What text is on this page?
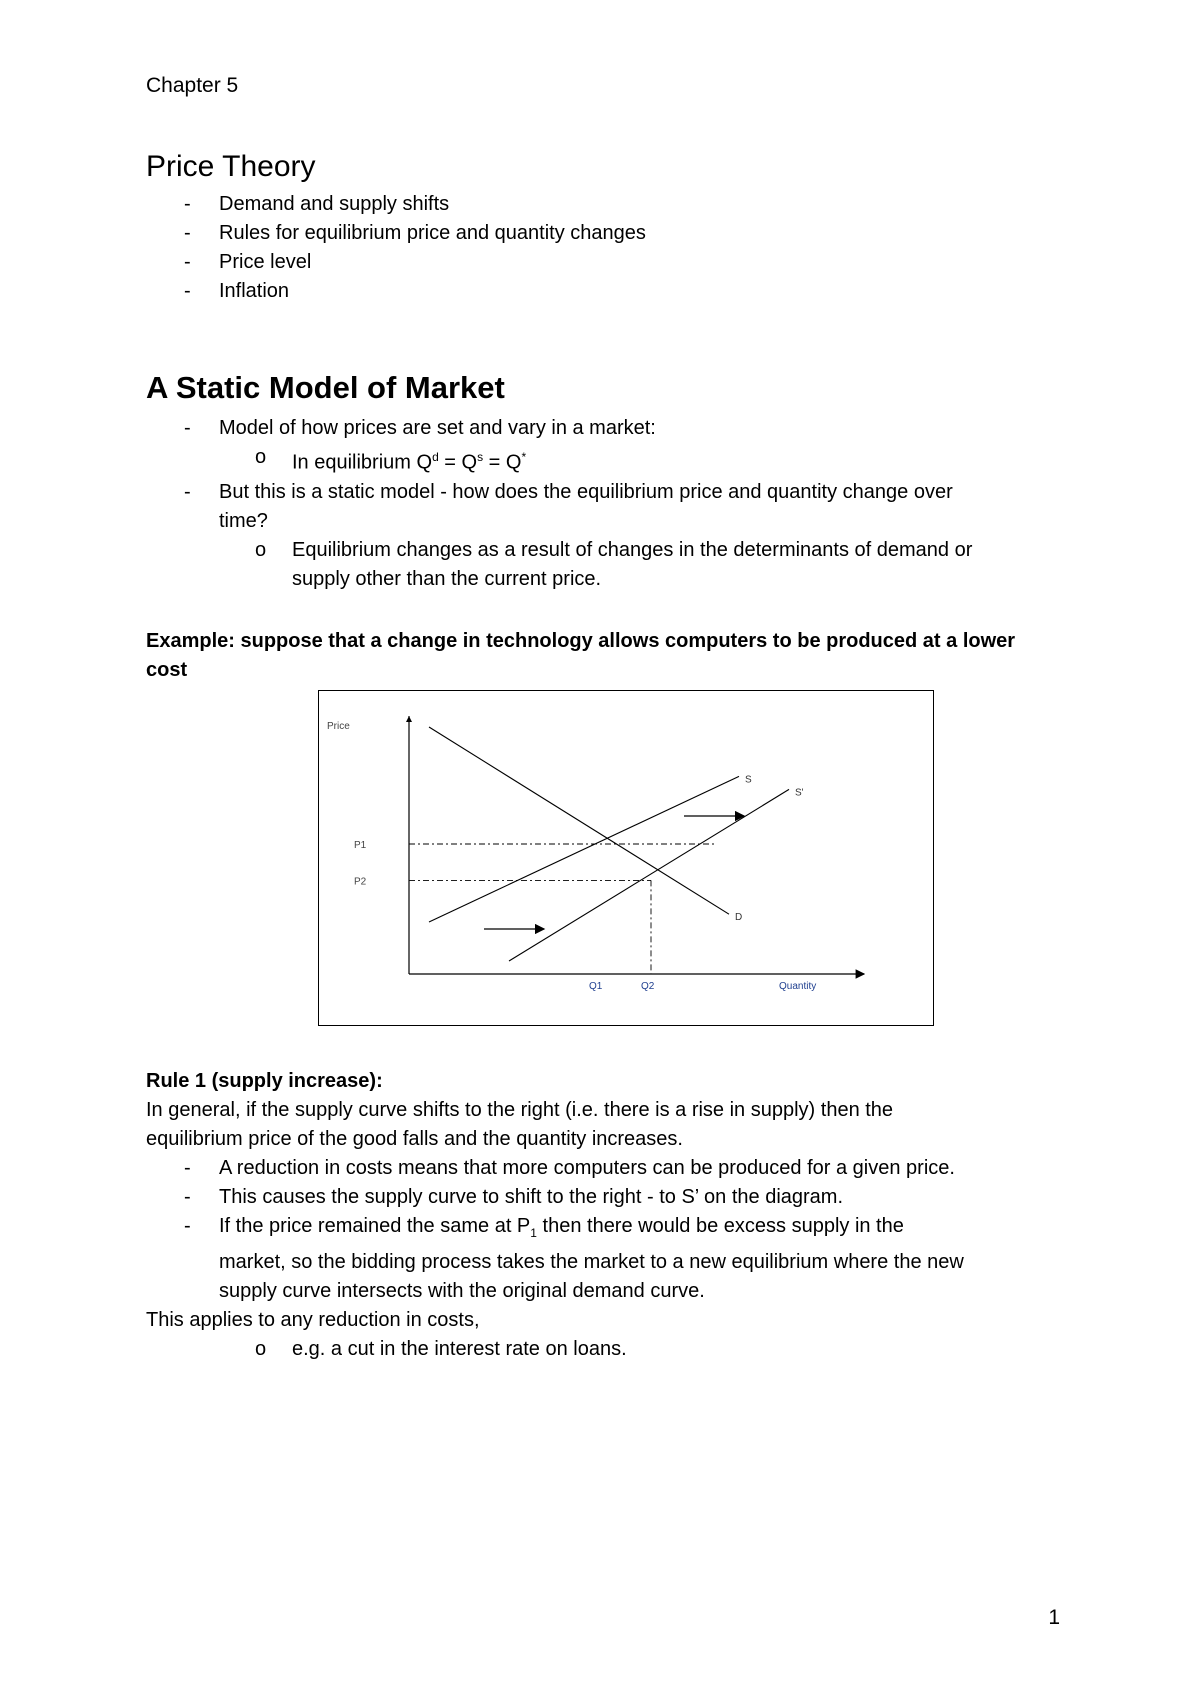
Chapter 5
Price Theory
- Demand and supply shifts
- Rules for equilibrium price and quantity changes
- Price level
- Inflation
A Static Model of Market
- Model of how prices are set and vary in a market:
o In equilibrium $Q^d = Q^s = Q^*$
- But this is a static model - how does the equilibrium price and quantity change over
time?
o Equilibrium changes as a result of changes in the determinants of demand or
supply other than the current price.
Example: suppose that a change in technology allows computers to be produced at a lower
cost
Price
Quantity
D
S
S'
P1
P2
Q1	Q2
Rule 1 (supply increase):
In general, if the supply curve shifts to the right (i.e. there is a rise in supply) then the
equilibrium price of the good falls and the quantity increases.
- A reduction in costs means that more computers can be produced for a given price.
- This causes the supply curve to shift to the right - to S’ on the diagram.
- If the price remained the same at $P_1$ then there would be excess supply in the
market, so the bidding process takes the market to a new equilibrium where the new
supply curve intersects with the original demand curve.
This applies to any reduction in costs,
o e.g. a cut in the interest rate on loans.
1
